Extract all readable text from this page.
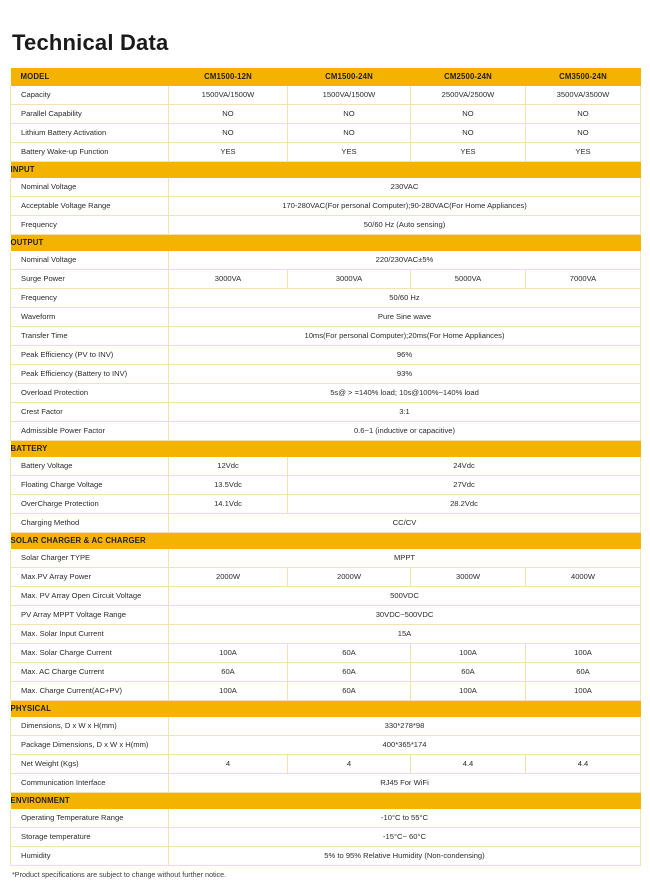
Technical Data
MODEL	CM1500-12N	CM1500-24N	CM2500-24N	CM3500-24N
Capacity	1500VA/1500W	1500VA/1500W	2500VA/2500W	3500VA/3500W
Parallel Capability	NO	NO	NO	NO
Lithium Battery Activation	NO	NO	NO	NO
Battery Wake-up Function	YES	YES	YES	YES
INPUT				
Nominal Voltage	230VAC			
Acceptable Voltage Range	170-280VAC(For personal Computer);90-280VAC(For Home Appliances)			
Frequency	50/60 Hz (Auto sensing)			
OUTPUT				
Nominal Voltage	220/230VAC±5%			
Surge Power	3000VA	3000VA	5000VA	7000VA
Frequency	50/60 Hz			
Waveform	Pure Sine wave			
Transfer Time	10ms(For personal Computer);20ms(For Home Appliances)			
Peak Efficiency (PV to INV)	96%			
Peak Efficiency (Battery to INV)	93%			
Overload Protection	5s@ > =140% load; 10s@100%~140% load			
Crest Factor	3:1			
Admissible Power Factor	0.6~1 (inductive or capacitive)			
BATTERY				
Battery Voltage	12Vdc	24Vdc		
Floating Charge Voltage	13.5Vdc	27Vdc		
OverCharge Protection	14.1Vdc	28.2Vdc		
Charging Method	CC/CV			
SOLAR CHARGER & AC CHARGER				
Solar Charger TYPE	MPPT			
Max.PV Array Power	2000W	2000W	3000W	4000W
Max. PV Array Open Circuit Voltage	500VDC			
PV Array MPPT Voltage Range	30VDC~500VDC			
Max. Solar Input Current	15A			
Max. Solar Charge Current	100A	60A	100A	100A
Max. AC Charge Current	60A	60A	60A	60A
Max. Charge Current(AC+PV)	100A	60A	100A	100A
PHYSICAL				
Dimensions, D x W x H(mm)	330*278*98			
Package Dimensions, D x W x H(mm)	400*365*174			
Net Weight (Kgs)	4	4	4.4	4.4
Communication Interface	RJ45 For WiFi			
ENVIRONMENT				
Operating Temperature Range	-10°C to 55°C			
Storage temperature	-15°C~ 60°C			
Humidity	5% to 95% Relative Humidity (Non-condensing)			
*Product specifications are subject to change without further notice.
